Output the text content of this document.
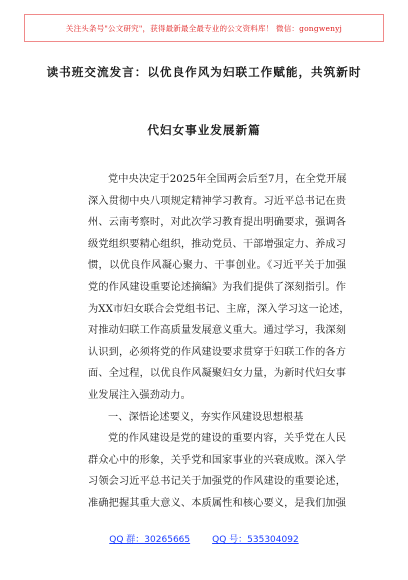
关注头条号"公文研究"，获得最新最全最专业的公文资料库！ 微信：gongwenyj
读书班交流发言：以优良作风为妇联工作赋能，共筑新时
代妇女事业发展新篇
党中央决定于2025年全国两会后至7月，在全党开展
深入贯彻中央八项规定精神学习教育。习近平总书记在贵
州、云南考察时，对此次学习教育提出明确要求，强调各
级党组织要精心组织，推动党员、干部增强定力、养成习
惯，以优良作风凝心聚力、干事创业。《习近平关于加强
党的作风建设重要论述摘编》为我们提供了深刻指引。作
为XX市妇女联合会党组书记、主席，深入学习这一论述，
对推动妇联工作高质量发展意义重大。通过学习，我深刻
认识到，必须将党的作风建设要求贯穿于妇联工作的各方
面、全过程，以优良作风凝聚妇女力量，为新时代妇女事
业发展注入强劲动力。
一、深悟论述要义，夯实作风建设思想根基
党的作风建设是党的建设的重要内容，关乎党在人民
群众心中的形象，关乎党和国家事业的兴衰成败。深入学
习领会习近平总书记关于加强党的作风建设的重要论述，
准确把握其重大意义、本质属性和核心要义，是我们加强
QQ 群：30265665 QQ 号：535304092
